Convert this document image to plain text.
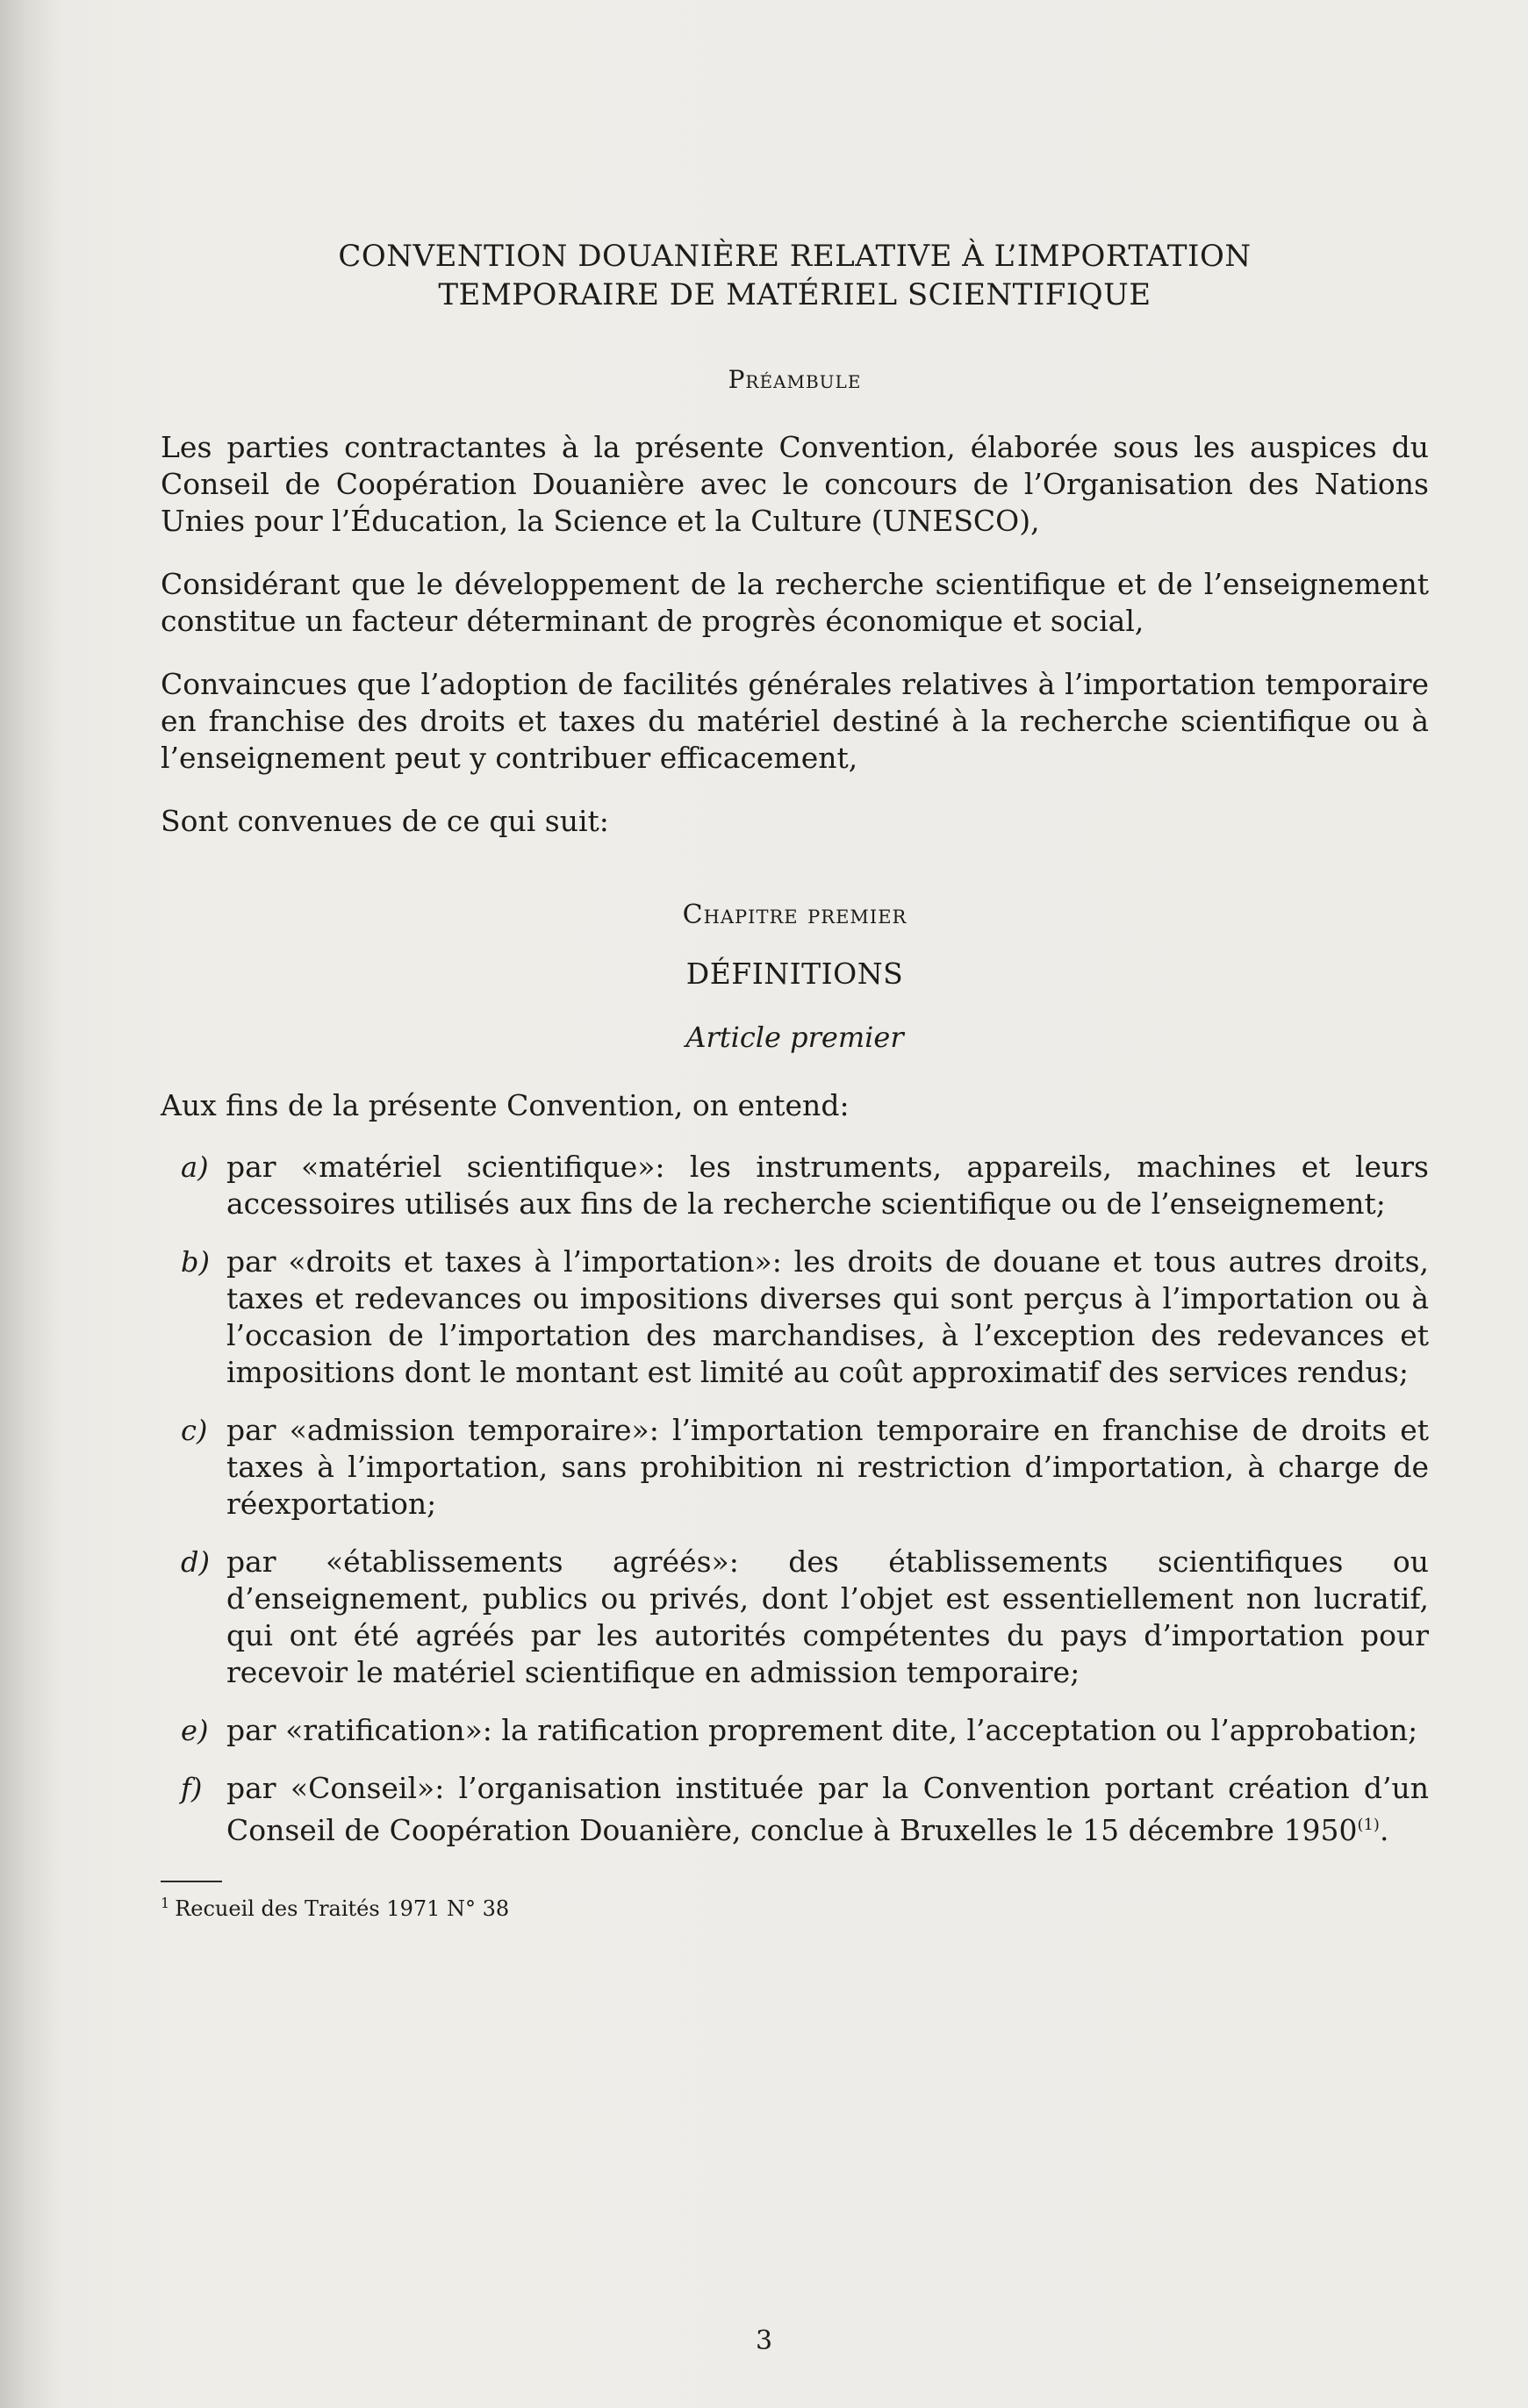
CONVENTION DOUANIÈRE RELATIVE À L’IMPORTATION

TEMPORAIRE DE MATÉRIEL SCIENTIFIQUE

Préambule

Les parties contractantes à la présente Convention, élaborée sous les auspices du Conseil de Coopération Douanière avec le concours de l’Organisation des Nations Unies pour l’Éducation, la Science et la Culture (UNESCO),

Considérant que le développement de la recherche scientifique et de l’enseignement constitue un facteur déterminant de progrès économique et social,

Convaincues que l’adoption de facilités générales relatives à l’importation temporaire en franchise des droits et taxes du matériel destiné à la recherche scientifique ou à l’enseignement peut y contribuer efficacement,

Sont convenues de ce qui suit:

Chapitre premier

DÉFINITIONS

Article premier

Aux fins de la présente Convention, on entend:

a) par «matériel scientifique»: les instruments, appareils, machines et leurs accessoires utilisés aux fins de la recherche scientifique ou de l’enseignement;
b) par «droits et taxes à l’importation»: les droits de douane et tous autres droits, taxes et redevances ou impositions diverses qui sont perçus à l’importation ou à l’occasion de l’importation des marchandises, à l’exception des redevances et impositions dont le montant est limité au coût approximatif des services rendus;
c) par «admission temporaire»: l’importation temporaire en franchise de droits et taxes à l’importation, sans prohibition ni restriction d’importation, à charge de réexportation;
d) par «établissements agréés»: des établissements scientifiques ou d’enseignement, publics ou privés, dont l’objet est essentiellement non lucratif, qui ont été agréés par les autorités compétentes du pays d’importation pour recevoir le matériel scientifique en admission temporaire;
e) par «ratification»: la ratification proprement dite, l’acceptation ou l’approbation;
f) par «Conseil»: l’organisation instituée par la Convention portant création d’un Conseil de Coopération Douanière, conclue à Bruxelles le 15 décembre 1950$^{(1)}$.

$^1$ Recueil des Traités 1971 N° 38

3
